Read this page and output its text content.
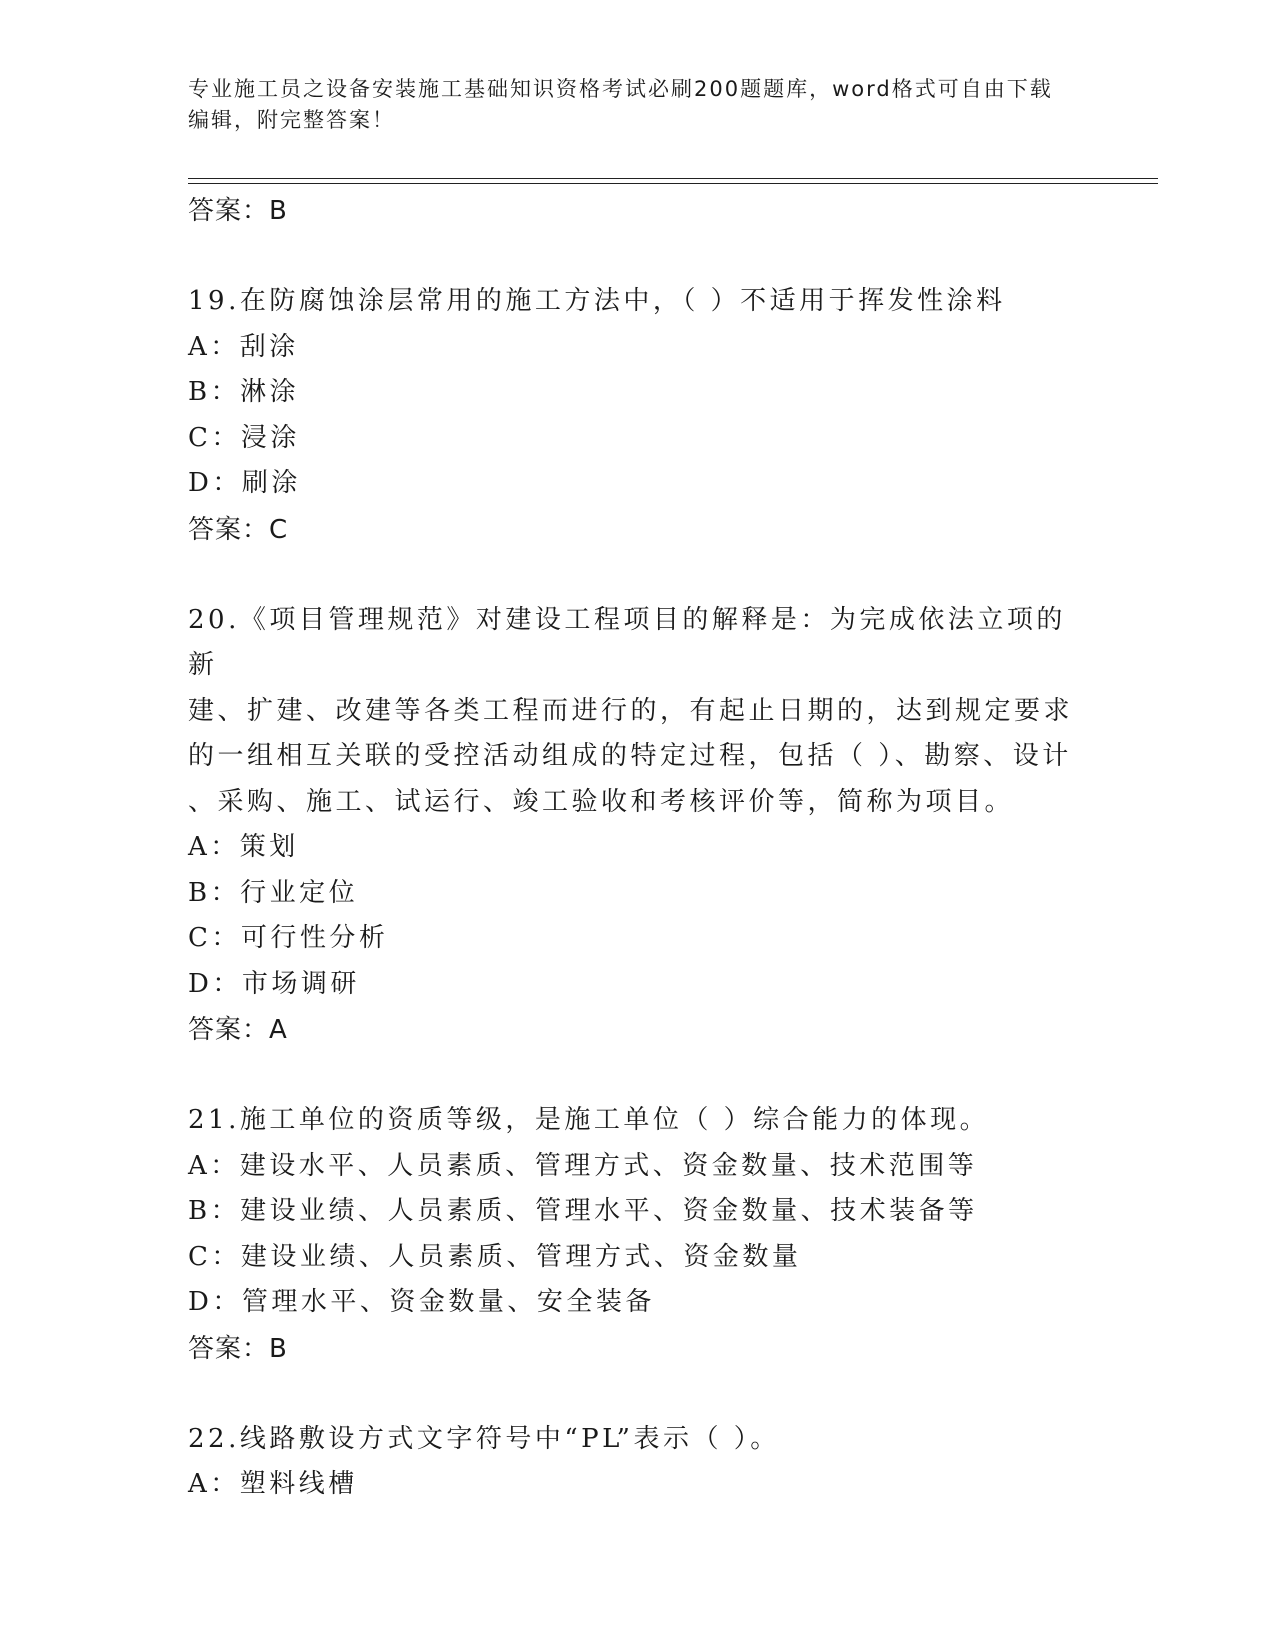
专业施工员之设备安装施工基础知识资格考试必刷200题题库，word格式可自由下载编辑，附完整答案！
答案：B
19.在防腐蚀涂层常用的施工方法中，（ ）不适用于挥发性涂料
A：刮涂
B：淋涂
C：浸涂
D：刷涂
答案：C
20.《项目管理规范》对建设工程项目的解释是：为完成依法立项的新
建、扩建、改建等各类工程而进行的，有起止日期的，达到规定要求
的一组相互关联的受控活动组成的特定过程，包括（ ）、勘察、设计
、采购、施工、试运行、竣工验收和考核评价等，简称为项目。
A：策划
B：行业定位
C：可行性分析
D：市场调研
答案：A
21.施工单位的资质等级，是施工单位（ ）综合能力的体现。
A：建设水平、人员素质、管理方式、资金数量、技术范围等
B：建设业绩、人员素质、管理水平、资金数量、技术装备等
C：建设业绩、人员素质、管理方式、资金数量
D：管理水平、资金数量、安全装备
答案：B
22.线路敷设方式文字符号中“PL”表示（ ）。
A：塑料线槽
